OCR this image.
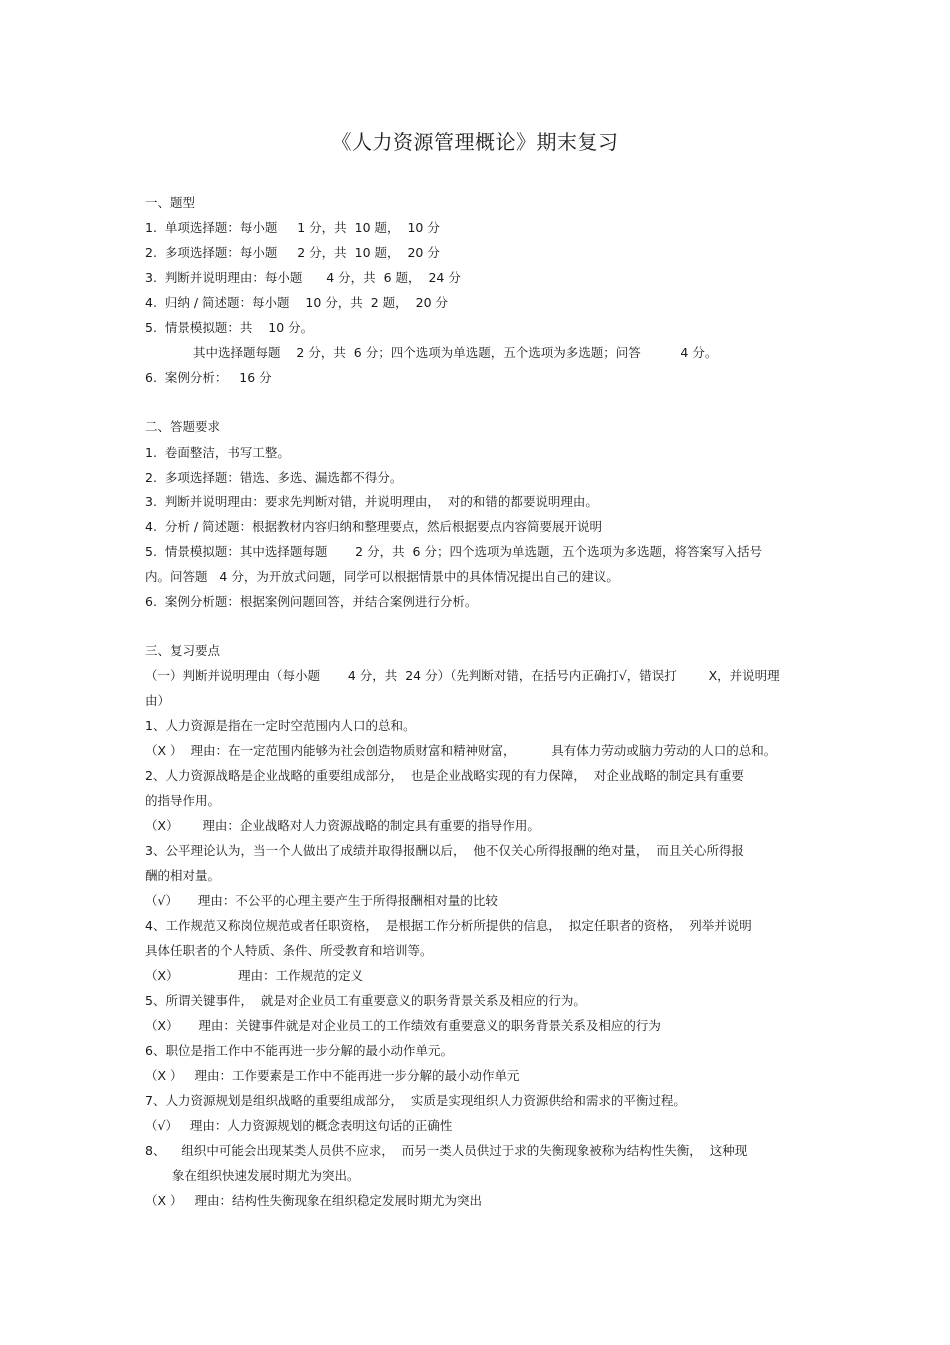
《人力资源管理概论》期末复习
一、题型
1.  单项选择题：每小题     1 分，共  10 题，  10 分
2.  多项选择题：每小题     2 分，共  10 题，  20 分
3.  判断并说明理由：每小题      4 分，共  6 题，  24 分
4.  归纳 / 简述题：每小题    10 分，共  2 题，  20 分
5.  情景模拟题：共    10 分。
其中选择题每题    2 分，共  6 分；四个选项为单选题，五个选项为多选题；问答          4 分。
6.  案例分析：   16 分
二、答题要求
1.  卷面整洁，书写工整。
2.  多项选择题：错选、多选、漏选都不得分。
3.  判断并说明理由：要求先判断对错，并说明理由，  对的和错的都要说明理由。
4.  分析 / 简述题：根据教材内容归纳和整理要点，然后根据要点内容简要展开说明
5.  情景模拟题：其中选择题每题       2 分，共  6 分；四个选项为单选题，五个选项为多选题，将答案写入括号
内。问答题   4 分，为开放式问题，同学可以根据情景中的具体情况提出自己的建议。
6.  案例分析题：根据案例问题回答，并结合案例进行分析。
三、复习要点
（一）判断并说明理由（每小题       4 分，共  24 分）（先判断对错，在括号内正确打√，错误打        X，并说明理
由）
1、人力资源是指在一定时空范围内人口的总和。
（X ）  理由：在一定范围内能够为社会创造物质财富和精神财富，         具有体力劳动或脑力劳动的人口的总和。
2、人力资源战略是企业战略的重要组成部分，  也是企业战略实现的有力保障，  对企业战略的制定具有重要
的指导作用。
（X）      理由：企业战略对人力资源战略的制定具有重要的指导作用。
3、公平理论认为，当一个人做出了成绩并取得报酬以后，  他不仅关心所得报酬的绝对量，  而且关心所得报
酬的相对量。
（√）     理由：不公平的心理主要产生于所得报酬相对量的比较
4、工作规范又称岗位规范或者任职资格，  是根据工作分析所提供的信息，  拟定任职者的资格，  列举并说明
具体任职者的个人特质、条件、所受教育和培训等。
（X）               理由：工作规范的定义
5、所谓关键事件，  就是对企业员工有重要意义的职务背景关系及相应的行为。
（X）     理由：关键事件就是对企业员工的工作绩效有重要意义的职务背景关系及相应的行为
6、职位是指工作中不能再进一步分解的最小动作单元。
（X ）   理由：工作要素是工作中不能再进一步分解的最小动作单元
7、人力资源规划是组织战略的重要组成部分，  实质是实现组织人力资源供给和需求的平衡过程。
（√）   理由：人力资源规划的概念表明这句话的正确性
8、    组织中可能会出现某类人员供不应求，  而另一类人员供过于求的失衡现象被称为结构性失衡，  这种现
象在组织快速发展时期尤为突出。
（X ）   理由：结构性失衡现象在组织稳定发展时期尤为突出
